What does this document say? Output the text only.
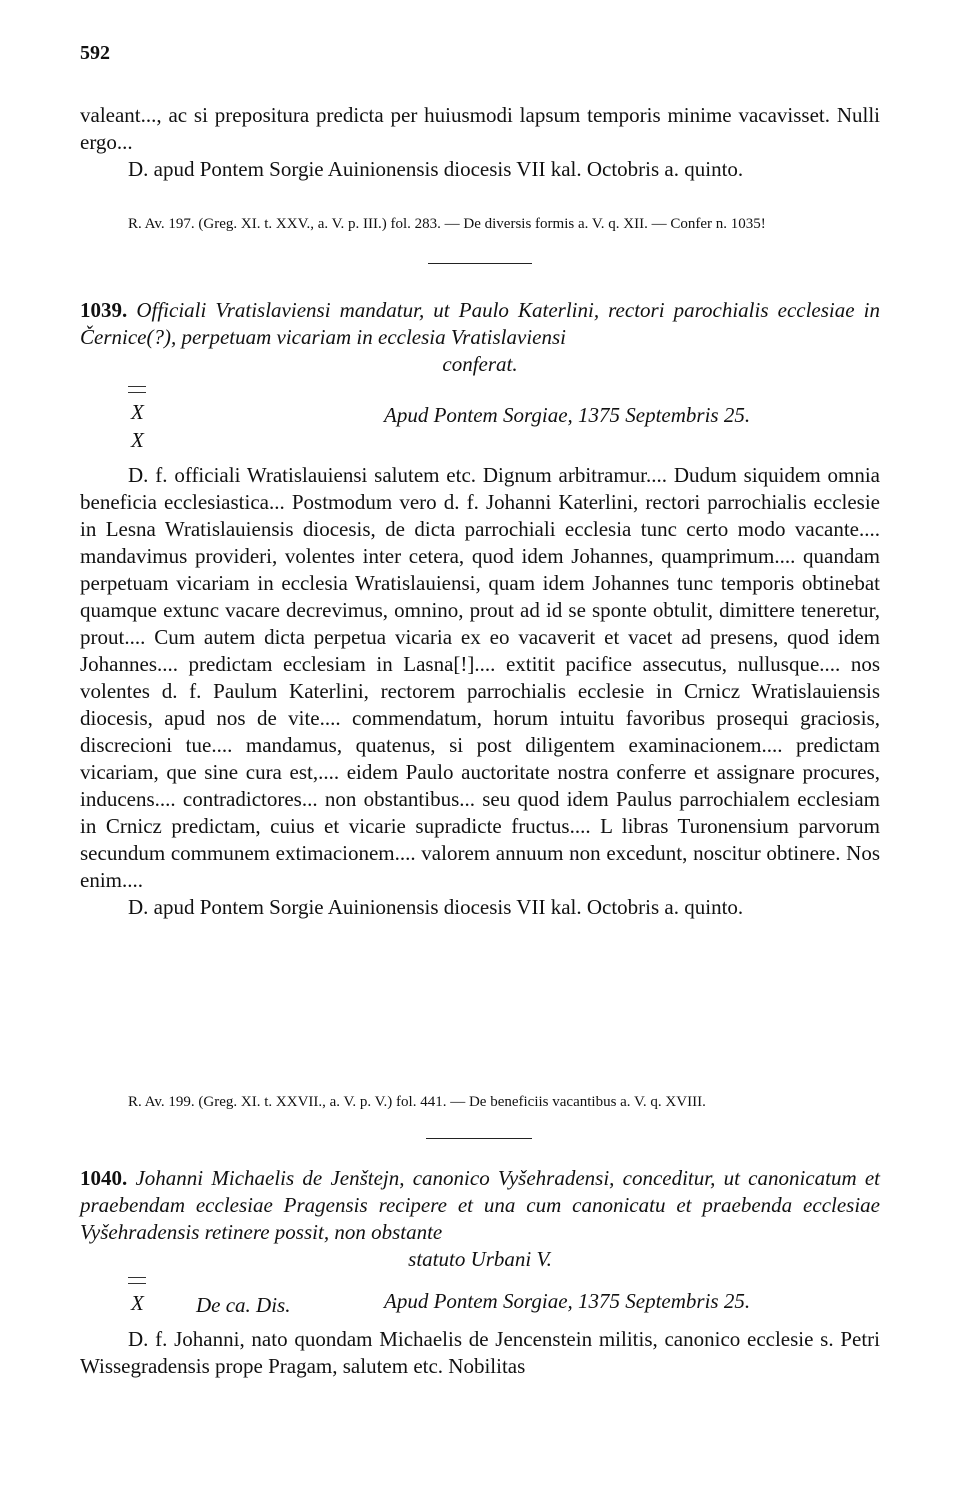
592

valeant..., ac si prepositura predicta per huiusmodi lapsum temporis minime vacavisset. Nulli ergo...

D. apud Pontem Sorgie Auinionensis diocesis VII kal. Octobris a. quinto.

R. Av. 197. (Greg. XI. t. XXV., a. V. p. III.) fol. 283. — De diversis formis a. V. q. XII. — Confer n. 1035!

1039. Officiali Vratislaviensi mandatur, ut Paulo Katerlini, rectori parochialis ecclesiae in Černice(?), perpetuam vicariam in ecclesia Vratislaviensi
conferat.
X
X
Apud Pontem Sorgiae, 1375 Septembris 25.

D. f. officiali Wratislauiensi salutem etc. Dignum arbitramur.... Dudum siquidem omnia beneficia ecclesiastica... Postmodum vero d. f. Johanni Katerlini, rectori parrochialis ecclesie in Lesna Wratislauiensis diocesis, de dicta parrochiali ecclesia tunc certo modo vacante.... mandavimus provideri, volentes inter cetera, quod idem Johannes, quamprimum.... quandam perpetuam vicariam in ecclesia Wratislauiensi, quam idem Johannes tunc temporis obtinebat quamque extunc vacare decrevimus, omnino, prout ad id se sponte obtulit, dimittere teneretur, prout.... Cum autem dicta perpetua vicaria ex eo vacaverit et vacet ad presens, quod idem Johannes.... predictam ecclesiam in Lasna[!].... extitit pacifice assecutus, nullusque.... nos volentes d. f. Paulum Katerlini, rectorem parrochialis ecclesie in Crnicz Wratislauiensis diocesis, apud nos de vite.... commendatum, horum intuitu favoribus prosequi graciosis, discrecioni tue.... mandamus, quatenus, si post diligentem examinacionem.... predictam vicariam, que sine cura est,.... eidem Paulo auctoritate nostra conferre et assignare procures, inducens.... contradictores... non obstantibus... seu quod idem Paulus parrochialem ecclesiam in Crnicz predictam, cuius et vicarie supradicte fructus.... L libras Turonensium parvorum secundum communem extimacionem.... valorem annuum non excedunt, noscitur obtinere. Nos enim....

D. apud Pontem Sorgie Auinionensis diocesis VII kal. Octobris a. quinto.

R. Av. 199. (Greg. XI. t. XXVII., a. V. p. V.) fol. 441. — De beneficiis vacantibus a. V. q. XVIII.

1040. Johanni Michaelis de Jenštejn, canonico Vyšehradensi, conceditur, ut canonicatum et praebendam ecclesiae Pragensis recipere et una cum canonicatu et praebenda ecclesiae Vyšehradensis retinere possit, non obstante
statuto Urbani V.
X De ca. Dis.	Apud Pontem Sorgiae, 1375 Septembris 25.

D. f. Johanni, nato quondam Michaelis de Jencenstein militis, canonico ecclesie s. Petri Wissegradensis prope Pragam, salutem etc. Nobilitas
